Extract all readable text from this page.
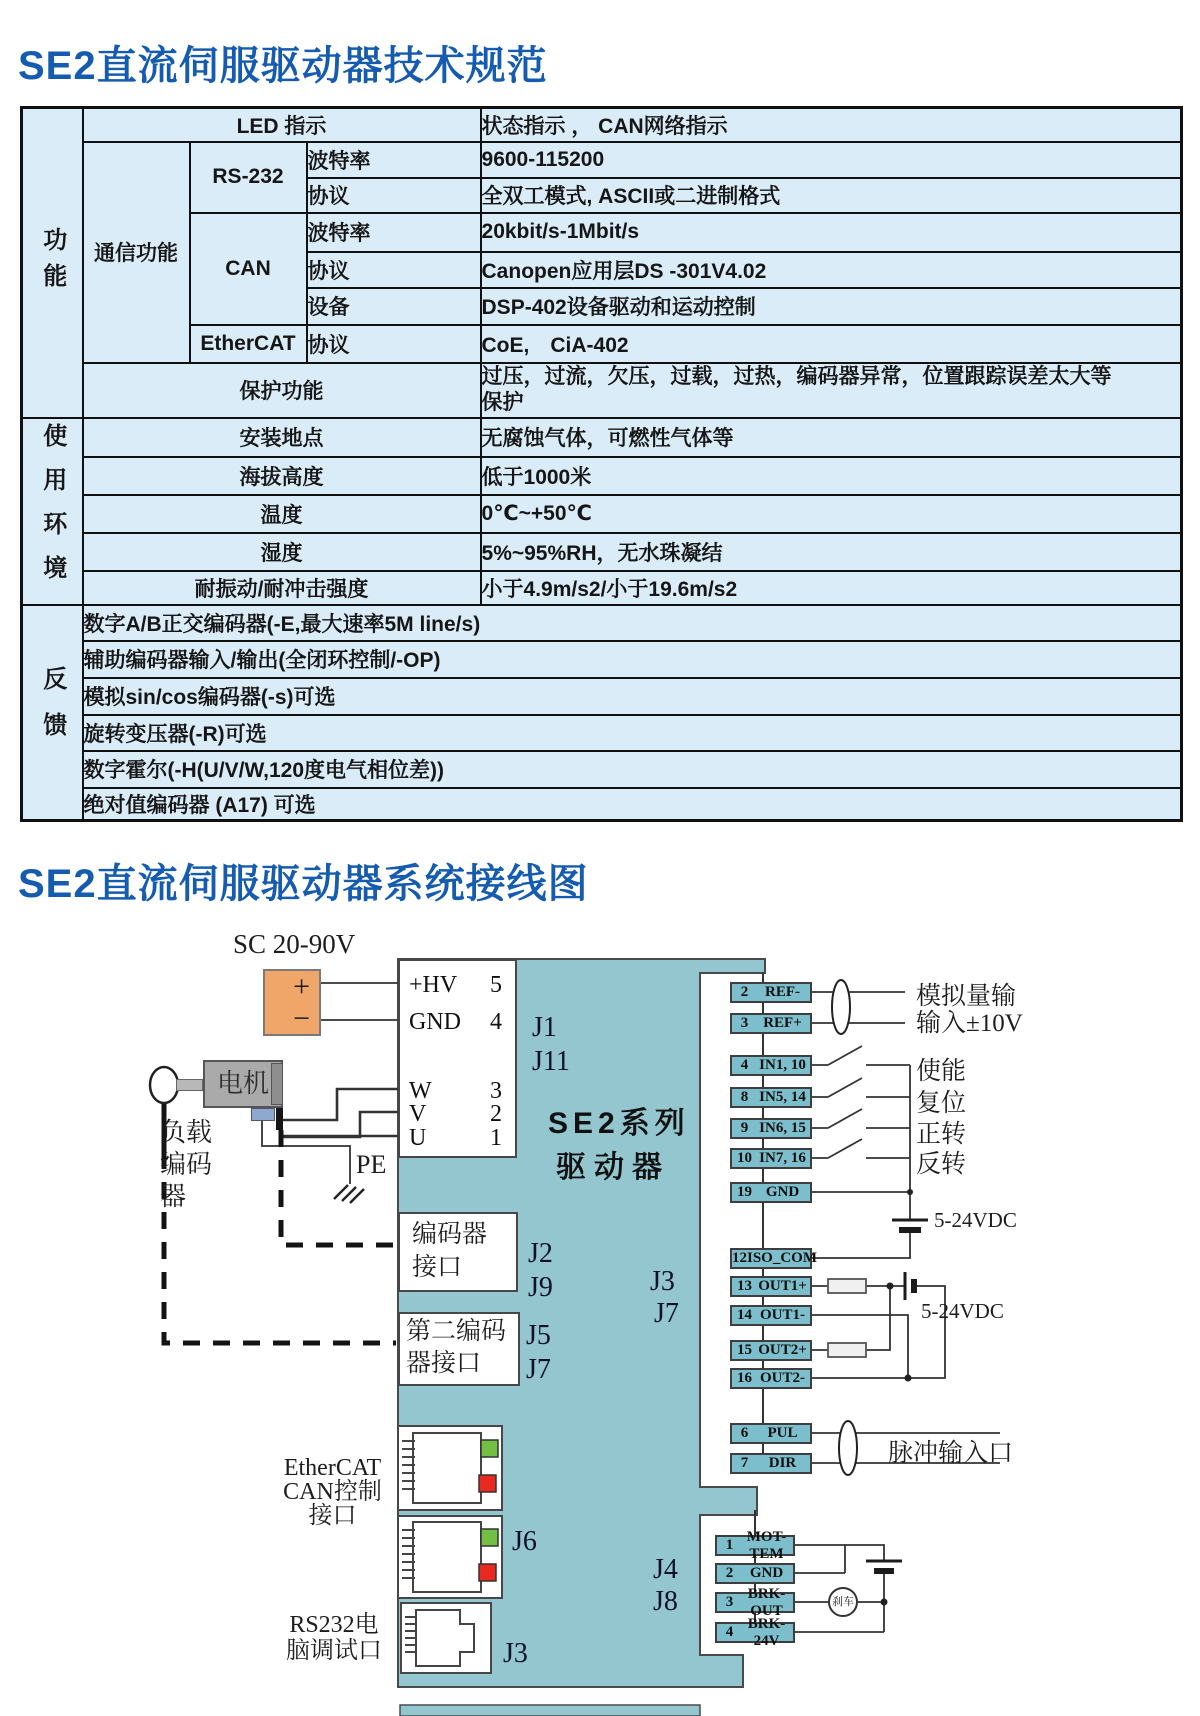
SE2直流伺服驱动器技术规范
SE2直流伺服驱动器系统接线图
功能	LED 指示			状态指示 ， CAN网络指示
	通信功能	RS-232	波特率	9600-115200
			协议	全双工模式, ASCII或二进制格式
		CAN	波特率	20kbit/s-1Mbit/s
			协议	Canopen应用层DS -301V4.02
			设备	DSP-402设备驱动和运动控制
		EtherCAT	协议	CoE,　CiA-402
	保护功能			过压，过流，欠压，过载，过热，编码器异常，位置跟踪误差太大等保护

使用环境	安装地点			无腐蚀气体，可燃性气体等
	海拔高度			低于1000米
	温度			0℃~+50℃
	湿度			5%~95%RH，无水珠凝结
	耐振动/耐冲击强度			小于4.9m/s2/小于19.6m/s2

反馈	数字A/B正交编码器(-E,最大速率5M line/s)			
	辅助编码器输入/输出(全闭环控制/-OP)			
	模拟sin/cos编码器(-s)可选			
	旋转变压器(-R)可选			
	数字霍尔(-H(U/V/W,120度电气相位差))			
	绝对值编码器 (A17) 可选			
SC 20-90V
+
−
电机
负载
编码
器
PE
+HV 5
GND 4
W 3
V	2
U	1
J1
J11
SE2系列
驱动器
编码器
接口	J2
J9
第二编码
器接口
J5
J7
J3
J7
J4
J8
EtherCAT
CAN控制
接口
J6
RS232电
脑调试口	J3
2	REF-
3 REF+
4 IN1, 10
8 IN5, 14
9 IN6, 15
10 IN7, 16
19 GND
12 ISO_COM
13 OUT1+
14 OUT1-
15 OUT2+
16 OUT2-
6	PUL
7	DIR
1
MOT-TEM
2	GND
3
BRK-OUT
4
BRK-24V
模拟量输
输入±10V
使能
复位
正转
反转
5-24VDC
5-24VDC
脉冲输入口
刹车
